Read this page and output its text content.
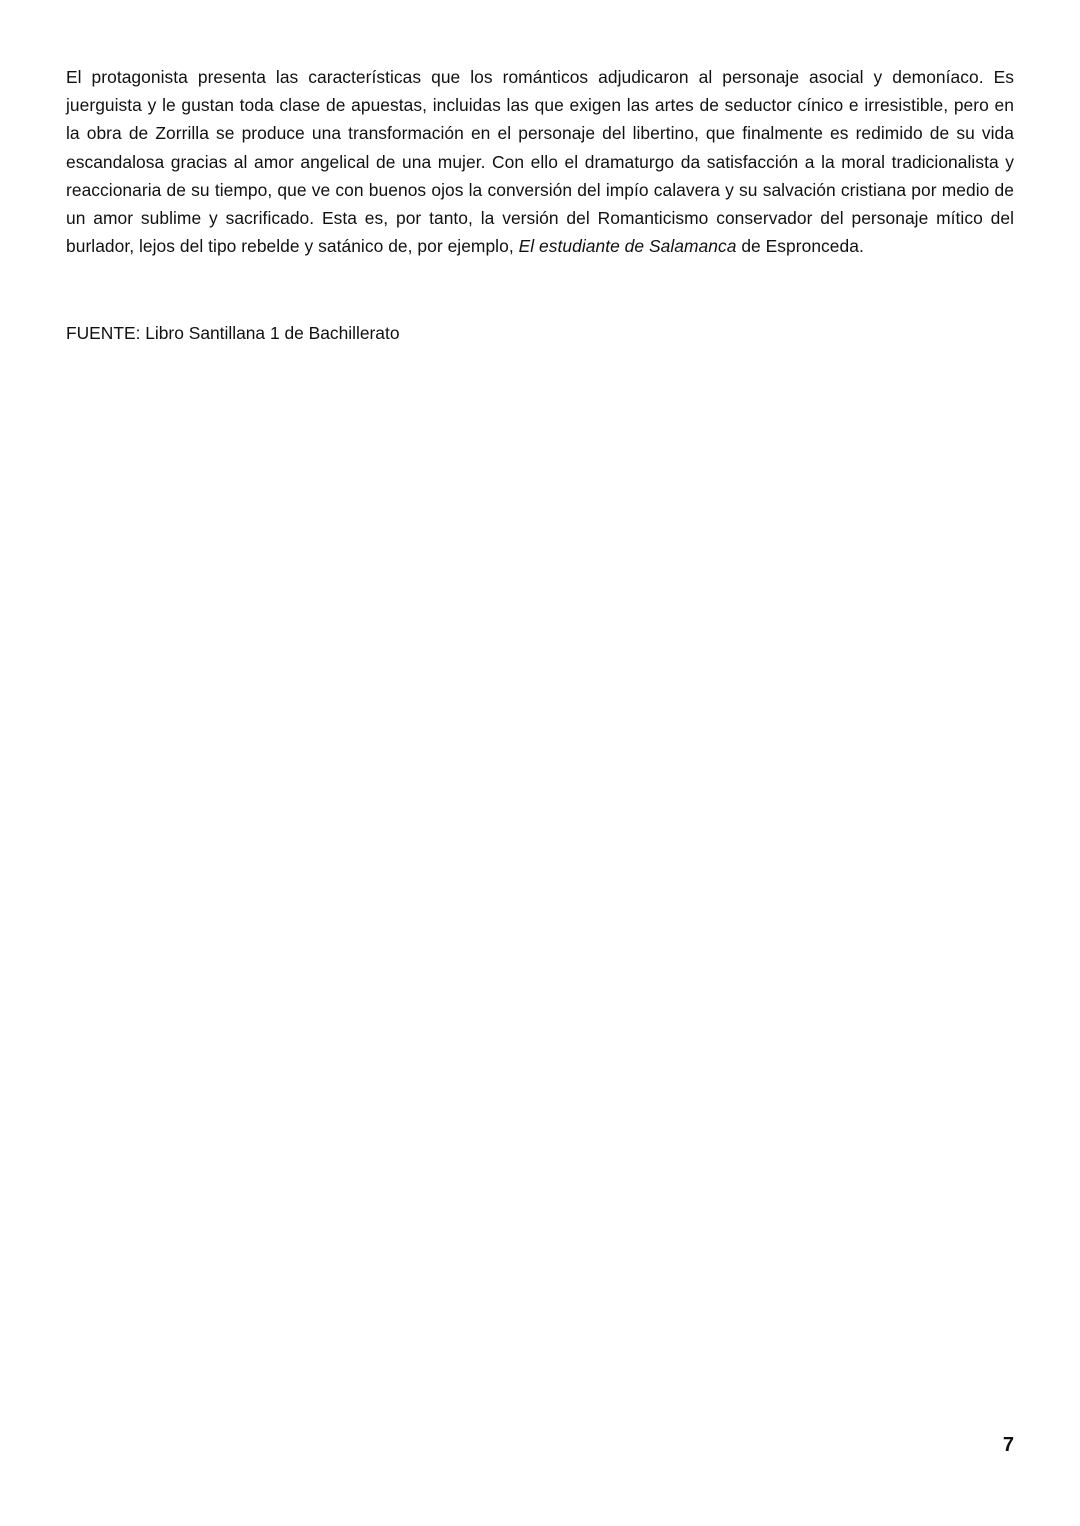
El protagonista presenta las características que los románticos adjudicaron al personaje asocial y demoníaco. Es juerguista y le gustan toda clase de apuestas, incluidas las que exigen las artes de seductor cínico e irresistible, pero en la obra de Zorrilla se produce una transformación en el personaje del libertino, que finalmente es redimido de su vida escandalosa gracias al amor angelical de una mujer. Con ello el dramaturgo da satisfacción a la moral tradicionalista y reaccionaria de su tiempo, que ve con buenos ojos la conversión del impío calavera y su salvación cristiana por medio de un amor sublime y sacrificado. Esta es, por tanto, la versión del Romanticismo conservador del personaje mítico del burlador, lejos del tipo rebelde y satánico de, por ejemplo, El estudiante de Salamanca de Espronceda.

FUENTE: Libro Santillana 1 de Bachillerato

7
